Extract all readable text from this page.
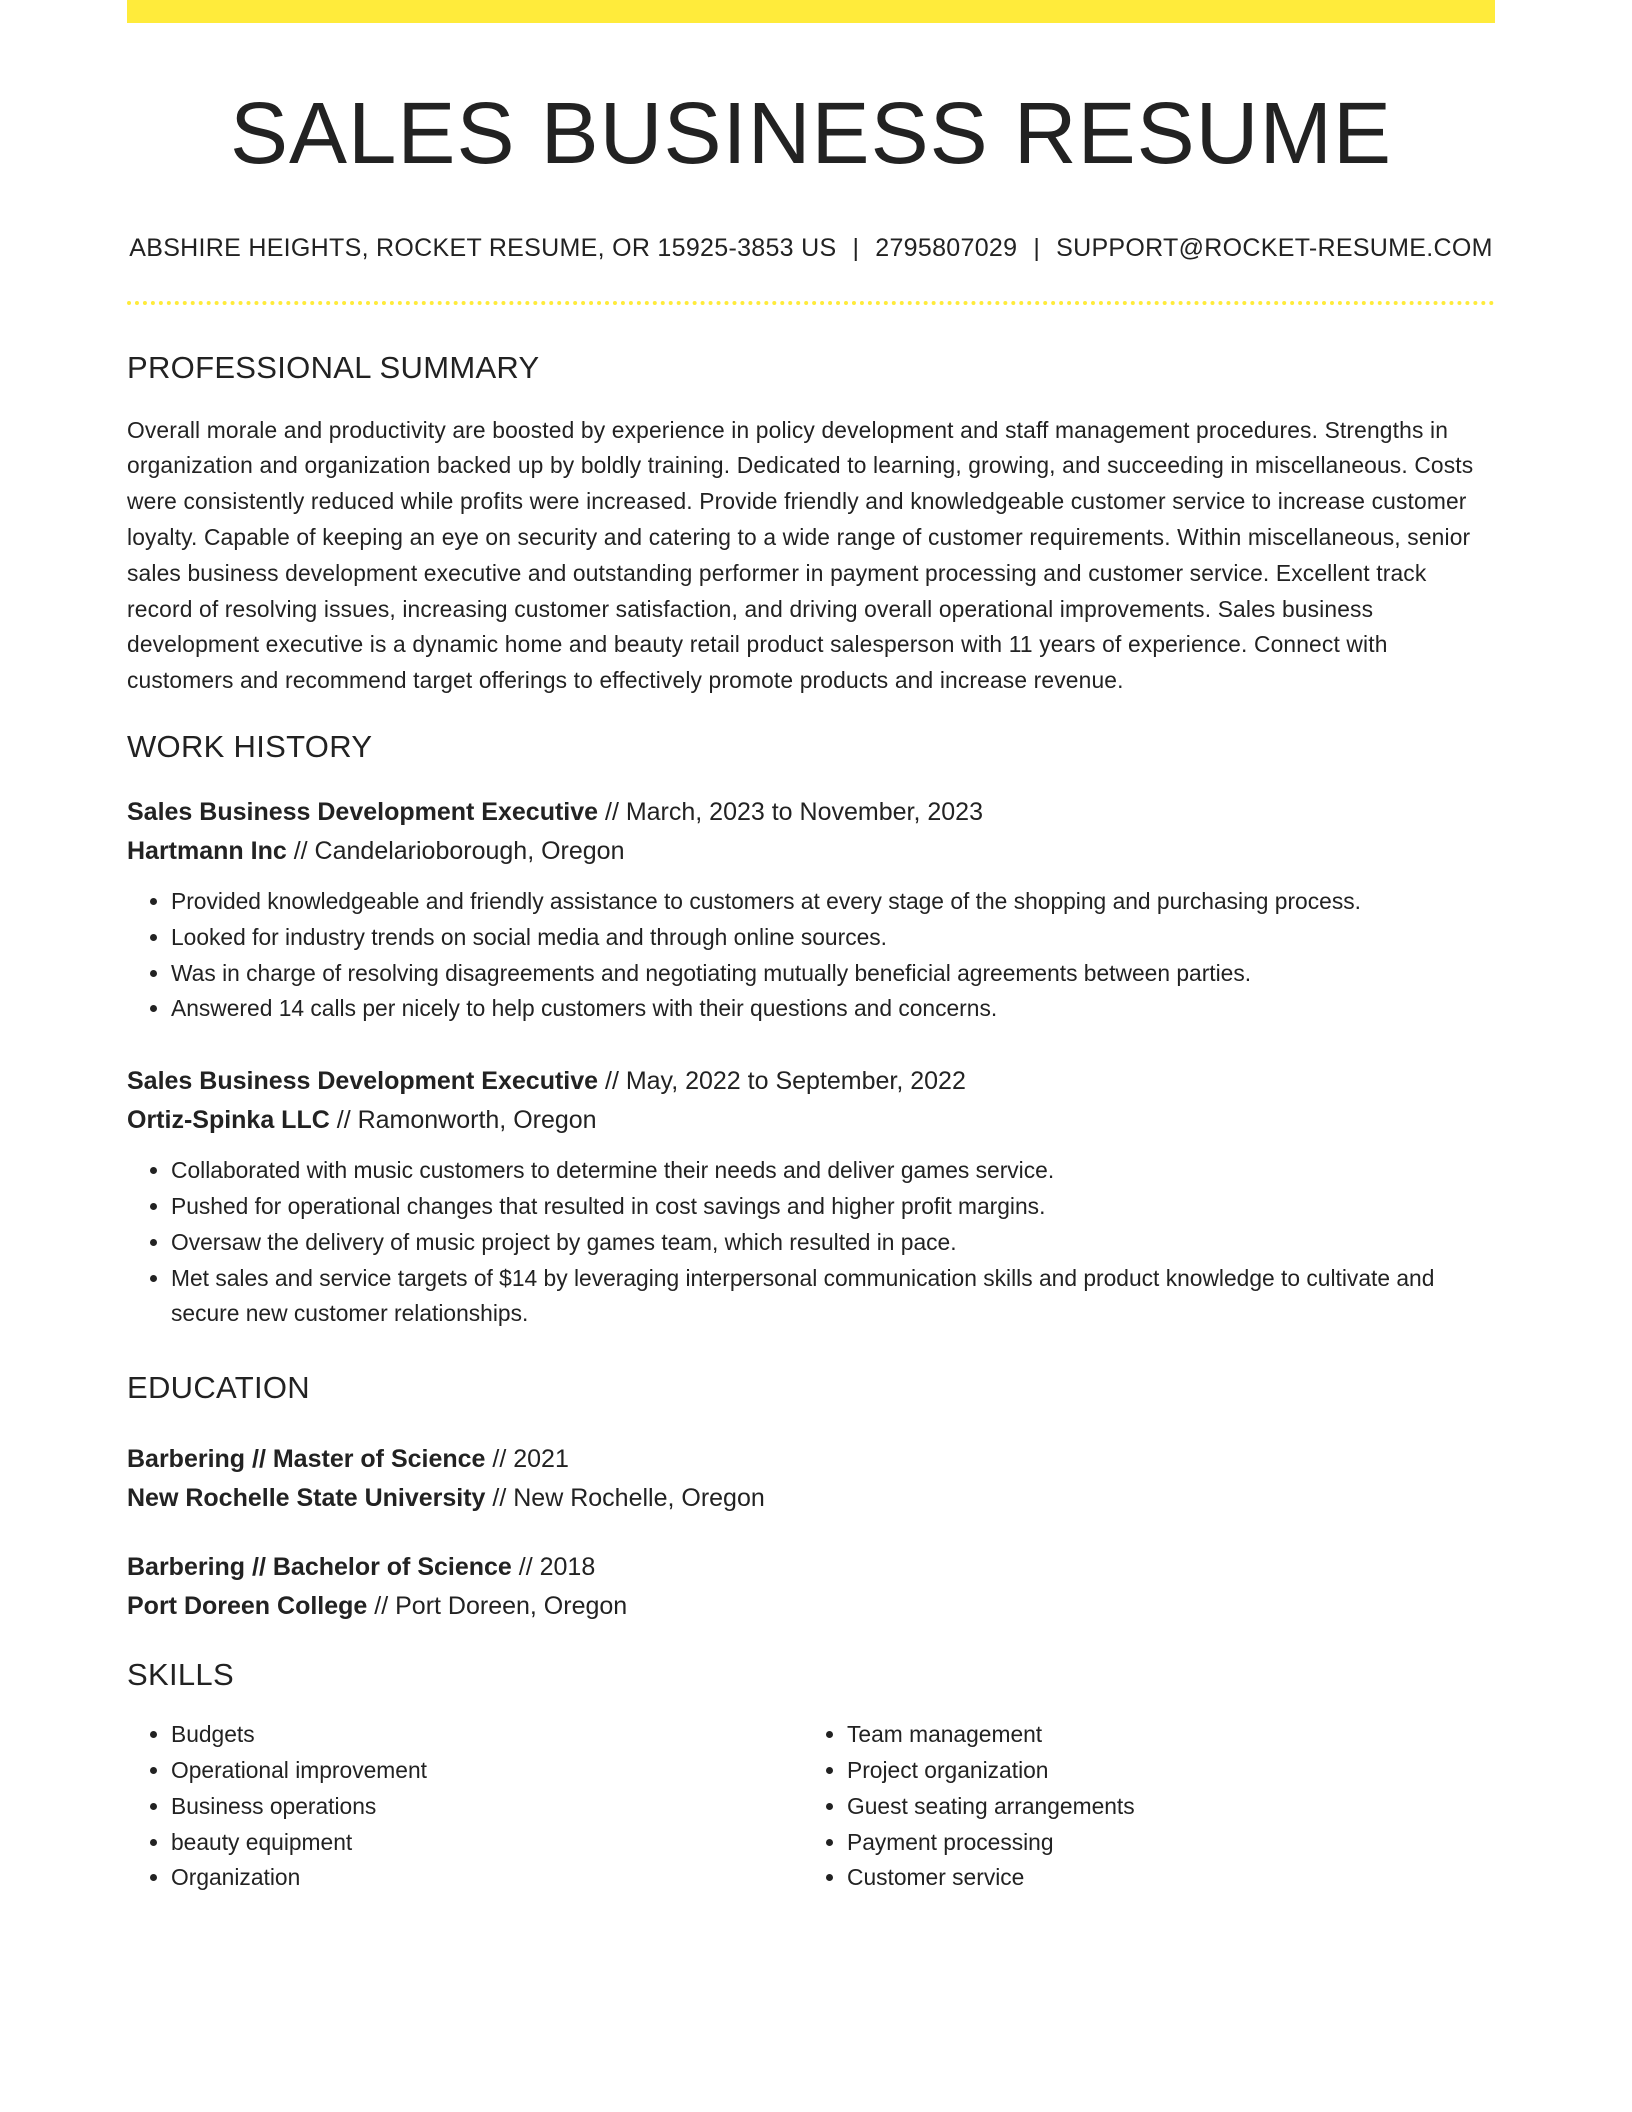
SALES BUSINESS RESUME
ABSHIRE HEIGHTS, ROCKET RESUME, OR 15925-3853 US | 2795807029 | SUPPORT@ROCKET-RESUME.COM
PROFESSIONAL SUMMARY
Overall morale and productivity are boosted by experience in policy development and staff management procedures. Strengths in organization and organization backed up by boldly training. Dedicated to learning, growing, and succeeding in miscellaneous. Costs were consistently reduced while profits were increased. Provide friendly and knowledgeable customer service to increase customer loyalty. Capable of keeping an eye on security and catering to a wide range of customer requirements. Within miscellaneous, senior sales business development executive and outstanding performer in payment processing and customer service. Excellent track record of resolving issues, increasing customer satisfaction, and driving overall operational improvements. Sales business development executive is a dynamic home and beauty retail product salesperson with 11 years of experience. Connect with customers and recommend target offerings to effectively promote products and increase revenue.
WORK HISTORY
Sales Business Development Executive // March, 2023 to November, 2023
Hartmann Inc // Candelarioborough, Oregon
• Provided knowledgeable and friendly assistance to customers at every stage of the shopping and purchasing process.
• Looked for industry trends on social media and through online sources.
• Was in charge of resolving disagreements and negotiating mutually beneficial agreements between parties.
• Answered 14 calls per nicely to help customers with their questions and concerns.
Sales Business Development Executive // May, 2022 to September, 2022
Ortiz-Spinka LLC // Ramonworth, Oregon
• Collaborated with music customers to determine their needs and deliver games service.
• Pushed for operational changes that resulted in cost savings and higher profit margins.
• Oversaw the delivery of music project by games team, which resulted in pace.
• Met sales and service targets of $14 by leveraging interpersonal communication skills and product knowledge to cultivate and secure new customer relationships.
EDUCATION
Barbering // Master of Science // 2021
New Rochelle State University // New Rochelle, Oregon
Barbering // Bachelor of Science // 2018
Port Doreen College // Port Doreen, Oregon
SKILLS
• Budgets
• Operational improvement
• Business operations
• beauty equipment
• Organization
• Team management
• Project organization
• Guest seating arrangements
• Payment processing
• Customer service
